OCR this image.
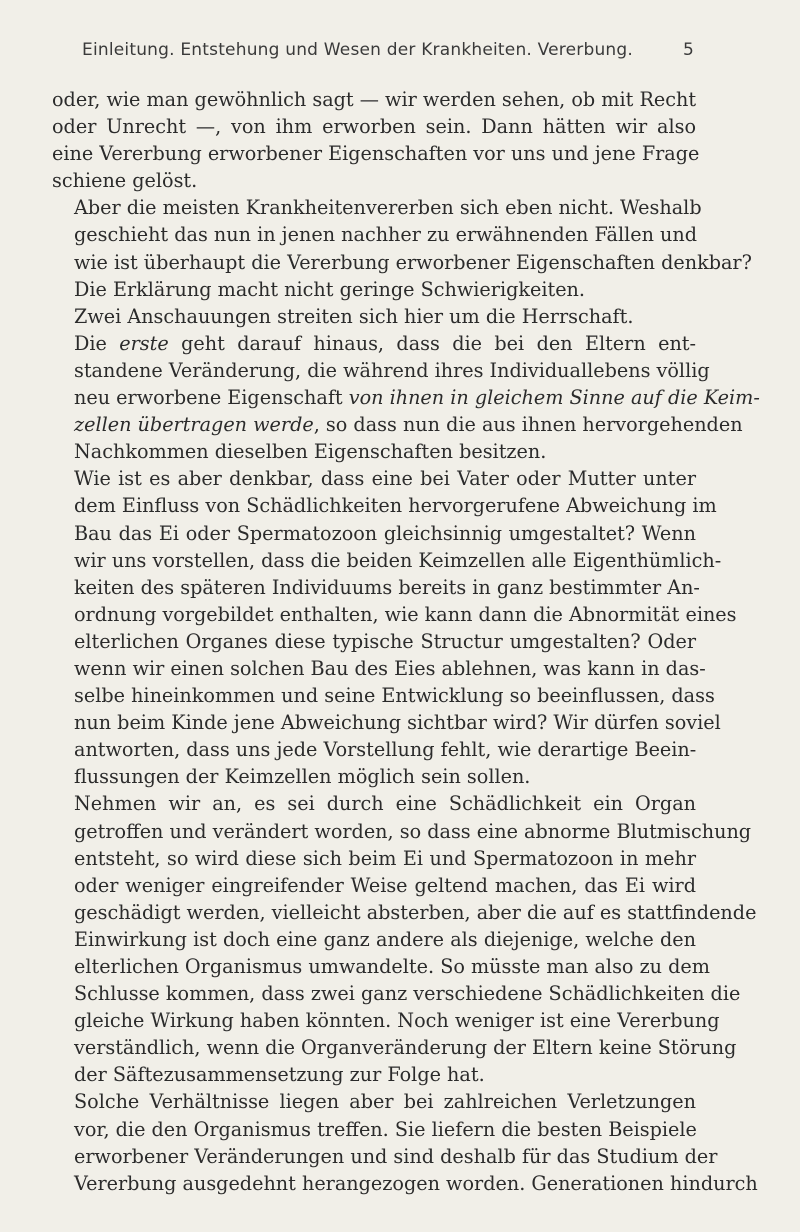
Einleitung. Entstehung und Wesen der Krankheiten. Vererbung.	5

oder, wie man gewöhnlich sagt — wir werden sehen, ob mit Recht
oder Unrecht —, von ihm erworben sein. Dann hätten wir also
eine Vererbung erworbener Eigenschaften vor uns und jene Frage
schiene gelöst.

Aber die meisten Krankheitenvererben sich eben nicht. Weshalb
geschieht das nun in jenen nachher zu erwähnenden Fällen und
wie ist überhaupt die Vererbung erworbener Eigenschaften denkbar?
Die Erklärung macht nicht geringe Schwierigkeiten.

Zwei Anschauungen streiten sich hier um die Herrschaft.

Die erste geht darauf hinaus, dass die bei den Eltern ent-
standene Veränderung, die während ihres Individuallebens völlig
neu erworbene Eigenschaft von ihnen in gleichem Sinne auf die Keim-
zellen übertragen werde, so dass nun die aus ihnen hervorgehenden
Nachkommen dieselben Eigenschaften besitzen.

Wie ist es aber denkbar, dass eine bei Vater oder Mutter unter
dem Einfluss von Schädlichkeiten hervorgerufene Abweichung im
Bau das Ei oder Spermatozoon gleichsinnig umgestaltet? Wenn
wir uns vorstellen, dass die beiden Keimzellen alle Eigenthümlich-
keiten des späteren Individuums bereits in ganz bestimmter An-
ordnung vorgebildet enthalten, wie kann dann die Abnormität eines
elterlichen Organes diese typische Structur umgestalten? Oder
wenn wir einen solchen Bau des Eies ablehnen, was kann in das-
selbe hineinkommen und seine Entwicklung so beeinflussen, dass
nun beim Kinde jene Abweichung sichtbar wird? Wir dürfen soviel
antworten, dass uns jede Vorstellung fehlt, wie derartige Beein-
flussungen der Keimzellen möglich sein sollen.

Nehmen wir an, es sei durch eine Schädlichkeit ein Organ
getroffen und verändert worden, so dass eine abnorme Blutmischung
entsteht, so wird diese sich beim Ei und Spermatozoon in mehr
oder weniger eingreifender Weise geltend machen, das Ei wird
geschädigt werden, vielleicht absterben, aber die auf es stattfindende
Einwirkung ist doch eine ganz andere als diejenige, welche den
elterlichen Organismus umwandelte. So müsste man also zu dem
Schlusse kommen, dass zwei ganz verschiedene Schädlichkeiten die
gleiche Wirkung haben könnten. Noch weniger ist eine Vererbung
verständlich, wenn die Organveränderung der Eltern keine Störung
der Säftezusammensetzung zur Folge hat.

Solche Verhältnisse liegen aber bei zahlreichen Verletzungen
vor, die den Organismus treffen. Sie liefern die besten Beispiele
erworbener Veränderungen und sind deshalb für das Studium der
Vererbung ausgedehnt herangezogen worden. Generationen hindurch
